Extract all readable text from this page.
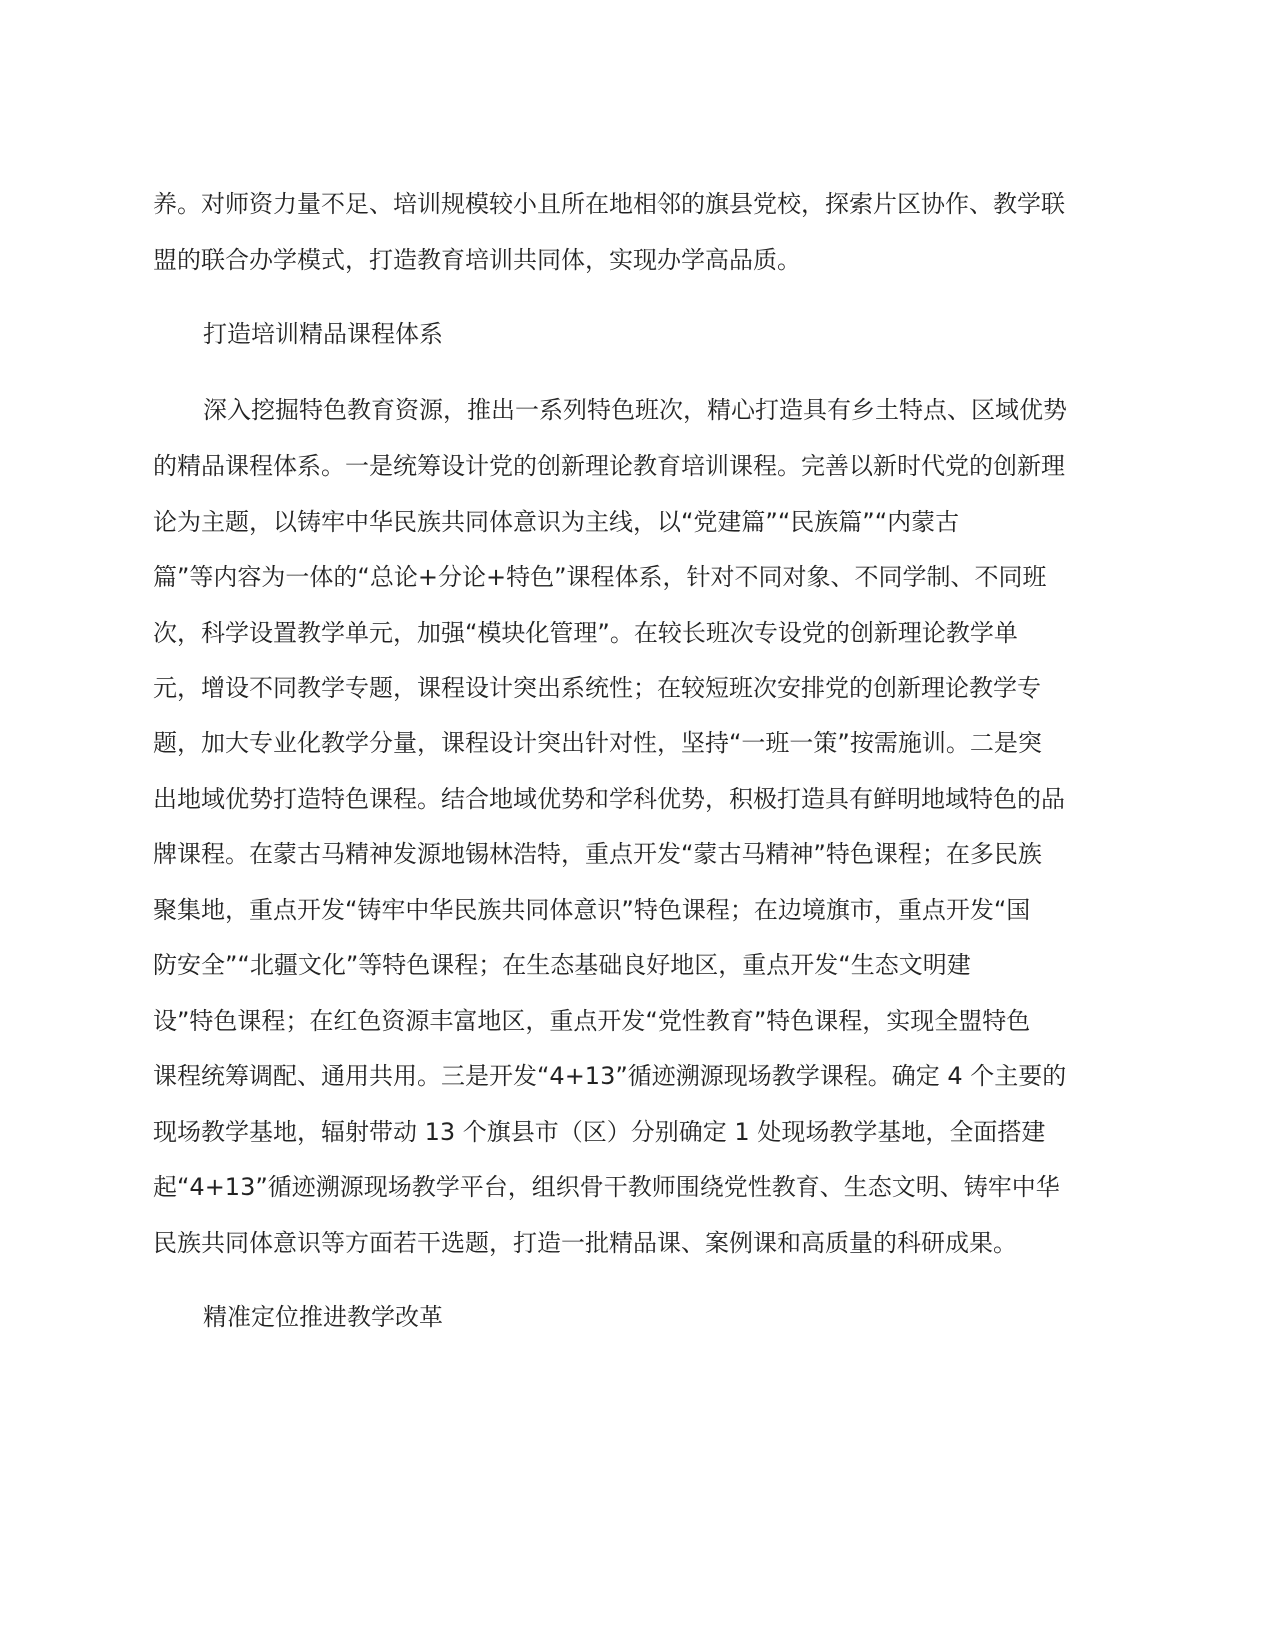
养。对师资力量不足、培训规模较小且所在地相邻的旗县党校，探索片区协作、教学联
盟的联合办学模式，打造教育培训共同体，实现办学高品质。
打造培训精品课程体系
深入挖掘特色教育资源，推出一系列特色班次，精心打造具有乡土特点、区域优势
的精品课程体系。一是统筹设计党的创新理论教育培训课程。完善以新时代党的创新理
论为主题，以铸牢中华民族共同体意识为主线，以“党建篇”“民族篇”“内蒙古
篇”等内容为一体的“总论+分论+特色”课程体系，针对不同对象、不同学制、不同班
次，科学设置教学单元，加强“模块化管理”。在较长班次专设党的创新理论教学单
元，增设不同教学专题，课程设计突出系统性；在较短班次安排党的创新理论教学专
题，加大专业化教学分量，课程设计突出针对性，坚持“一班一策”按需施训。二是突
出地域优势打造特色课程。结合地域优势和学科优势，积极打造具有鲜明地域特色的品
牌课程。在蒙古马精神发源地锡林浩特，重点开发“蒙古马精神”特色课程；在多民族
聚集地，重点开发“铸牢中华民族共同体意识”特色课程；在边境旗市，重点开发“国
防安全”“北疆文化”等特色课程；在生态基础良好地区，重点开发“生态文明建
设”特色课程；在红色资源丰富地区，重点开发“党性教育”特色课程，实现全盟特色
课程统筹调配、通用共用。三是开发“4+13”循迹溯源现场教学课程。确定 4 个主要的
现场教学基地，辐射带动 13 个旗县市（区）分别确定 1 处现场教学基地，全面搭建
起“4+13”循迹溯源现场教学平台，组织骨干教师围绕党性教育、生态文明、铸牢中华
民族共同体意识等方面若干选题，打造一批精品课、案例课和高质量的科研成果。
精准定位推进教学改革
